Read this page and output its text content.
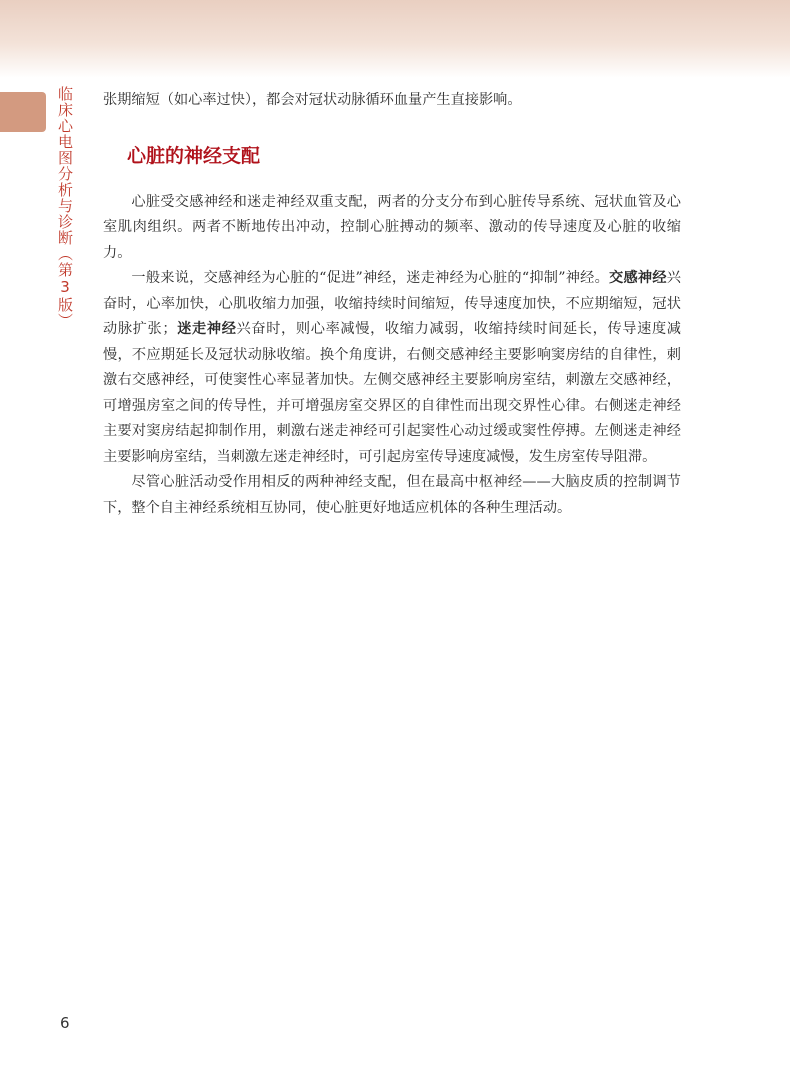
临床心电图分析与诊断（第3版） 张期缩短（如心率过快），都会对冠状动脉循环血量产生直接影响。

心脏的神经支配

心脏受交感神经和迷走神经双重支配，两者的分支分布到心脏传导系统、冠状血管及心室肌肉组织。两者不断地传出冲动，控制心脏搏动的频率、激动的传导速度及心脏的收缩力。

一般来说，交感神经为心脏的“促进”神经，迷走神经为心脏的“抑制”神经。交感神经兴奋时，心率加快，心肌收缩力加强，收缩持续时间缩短，传导速度加快，不应期缩短，冠状动脉扩张；迷走神经兴奋时，则心率减慢，收缩力减弱，收缩持续时间延长，传导速度减慢，不应期延长及冠状动脉收缩。换个角度讲，右侧交感神经主要影响窦房结的自律性，刺激右交感神经，可使窦性心率显著加快。左侧交感神经主要影响房室结，刺激左交感神经，可增强房室之间的传导性，并可增强房室交界区的自律性而出现交界性心律。右侧迷走神经主要对窦房结起抑制作用，刺激右迷走神经可引起窦性心动过缓或窦性停搏。左侧迷走神经主要影响房室结，当刺激左迷走神经时，可引起房室传导速度减慢，发生房室传导阻滞。

尽管心脏活动受作用相反的两种神经支配，但在最高中枢神经——大脑皮质的控制调节下，整个自主神经系统相互协同，使心脏更好地适应机体的各种生理活动。

6
